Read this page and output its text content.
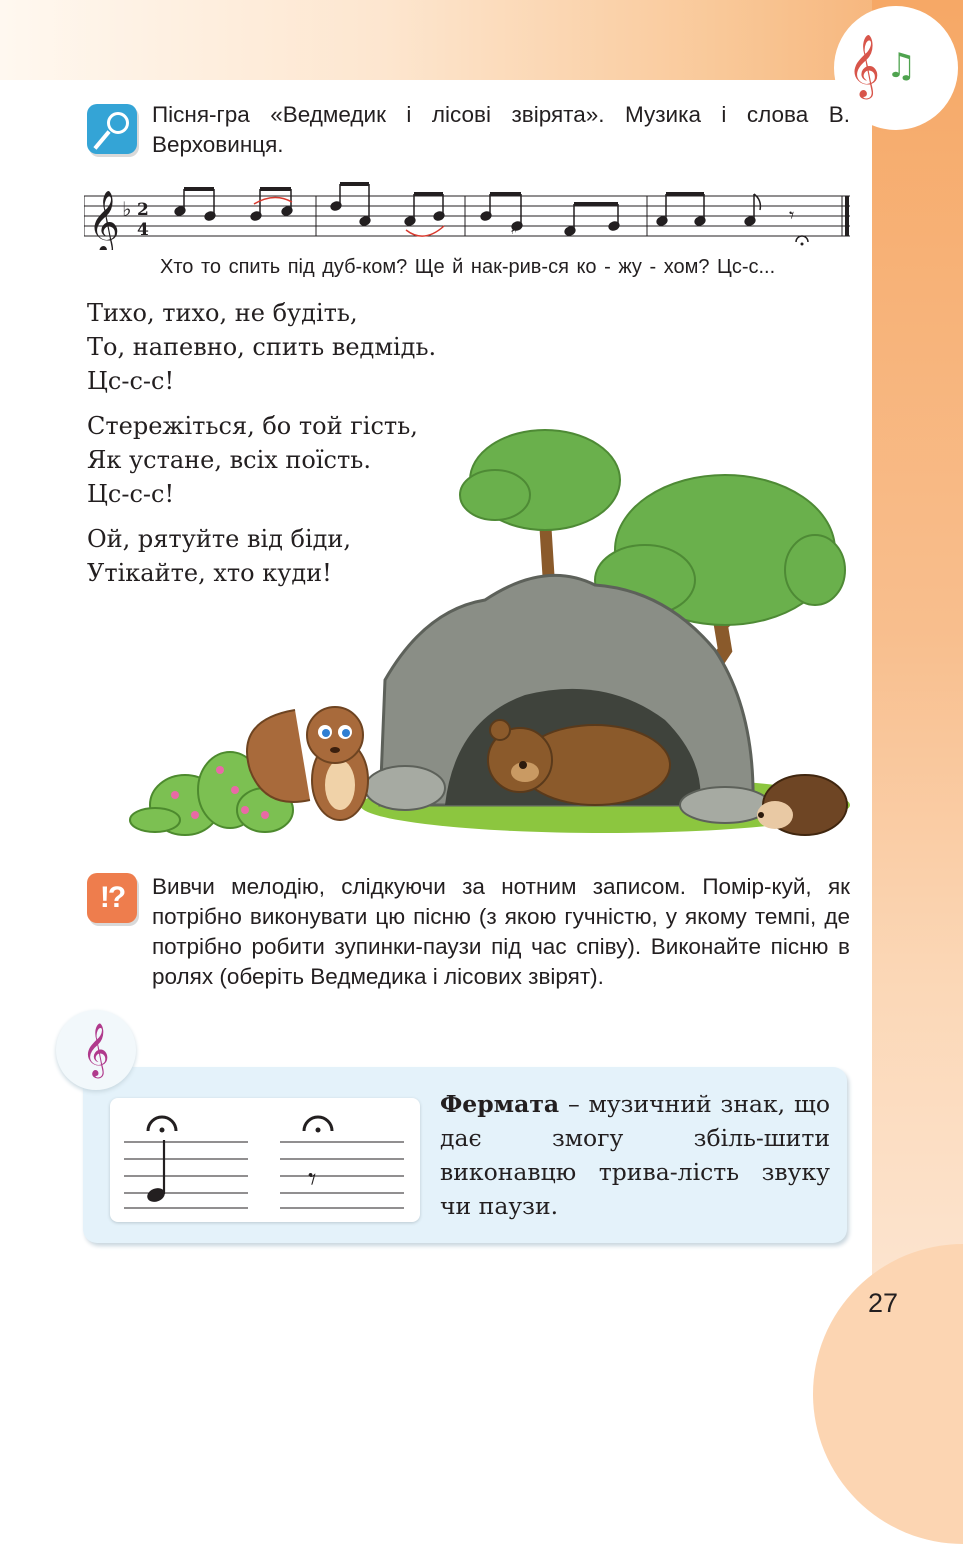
𝄞 ♫

Пісня-гра «Ведмедик і лісові звірята». Музика і слова В. Верховинця.

𝄞 ♭ 2
4	♯
𝄾
Хто то спить під дуб-ком? Ще й нак-рив-ся ко - жу - хом? Цс-с...

Тихо, тихо, не будіть,
То, напевно, спить ведмідь.
Цс-с-с!

Стережіться, бо той гість,
Як устане, всіх поїсть.
Цс-с-с!

Ой, рятуйте від біди,
Утікайте, хто куди!

!? Вивчи мелодію, слідкуючи за нотним записом. Помір-куй, як потрібно виконувати цю пісню (з якою гучністю, у якому темпі, де потрібно робити зупинки-паузи під час співу). Виконайте пісню в ролях (оберіть Ведмедика і лісових звірят).

𝄞
𝄾

Фермата – музичний знак, що дає змогу збіль-шити виконавцю трива-лість звуку чи паузи.

27
